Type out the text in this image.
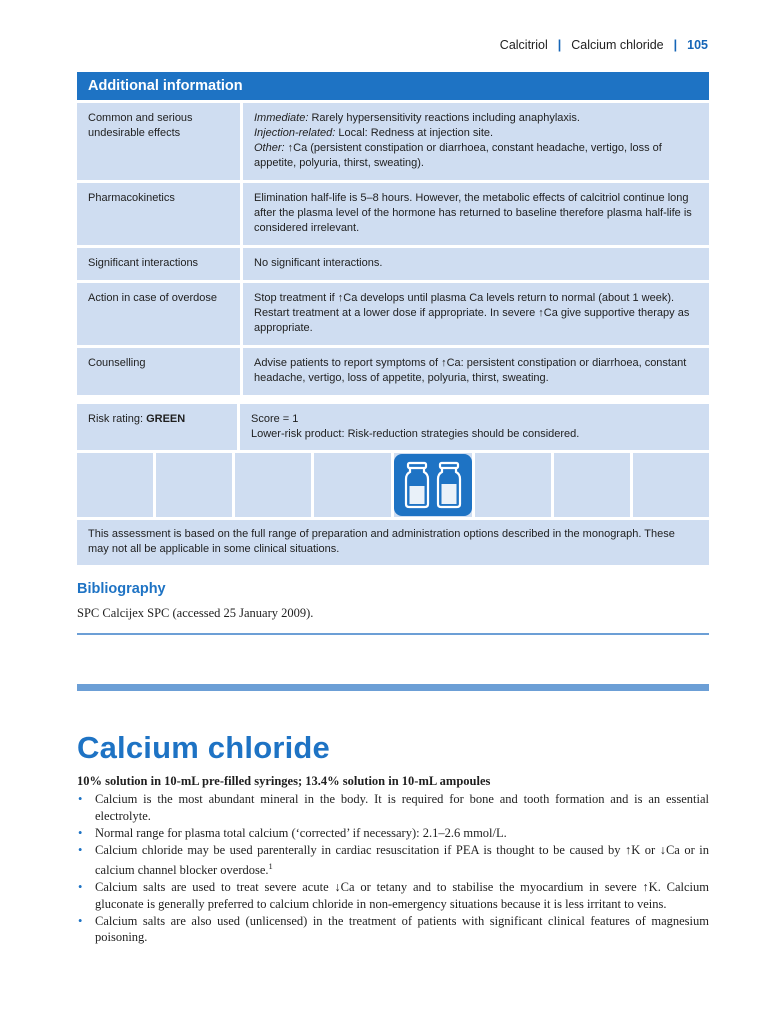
Calcitriol | Calcium chloride | 105
Additional information	
Common and serious undesirable effects	Immediate: Rarely hypersensitivity reactions including anaphylaxis.
Injection-related: Local: Redness at injection site.
Other: ↑Ca (persistent constipation or diarrhoea, constant headache, vertigo, loss of appetite, polyuria, thirst, sweating).

Pharmacokinetics	Elimination half-life is 5–8 hours. However, the metabolic effects of calcitriol continue long after the plasma level of the hormone has returned to baseline therefore plasma half-life is considered irrelevant.
Significant interactions	No significant interactions.
Action in case of overdose	Stop treatment if ↑Ca develops until plasma Ca levels return to normal (about 1 week). Restart treatment at a lower dose if appropriate. In severe ↑Ca give supportive therapy as appropriate.
Counselling	Advise patients to report symptoms of ↑Ca: persistent constipation or diarrhoea, constant headache, vertigo, loss of appetite, polyuria, thirst, sweating.
Risk rating: GREEN	Score = 1
Lower-risk product: Risk-reduction strategies should be considered.
This assessment is based on the full range of preparation and administration options described in the monograph. These may not all be applicable in some clinical situations.
Bibliography
SPC Calcijex SPC (accessed 25 January 2009).
Calcium chloride
10% solution in 10-mL pre-filled syringes; 13.4% solution in 10-mL ampoules
• Calcium is the most abundant mineral in the body. It is required for bone and tooth formation and is an essential electrolyte.
• Normal range for plasma total calcium (‘corrected’ if necessary): 2.1–2.6 mmol/L.
• Calcium chloride may be used parenterally in cardiac resuscitation if PEA is thought to be caused by ↑K or ↓Ca or in calcium channel blocker overdose.$^1$
• Calcium salts are used to treat severe acute ↓Ca or tetany and to stabilise the myocardium in severe ↑K. Calcium gluconate is generally preferred to calcium chloride in non-emergency situations because it is less irritant to veins.
• Calcium salts are also used (unlicensed) in the treatment of patients with significant clinical features of magnesium poisoning.
